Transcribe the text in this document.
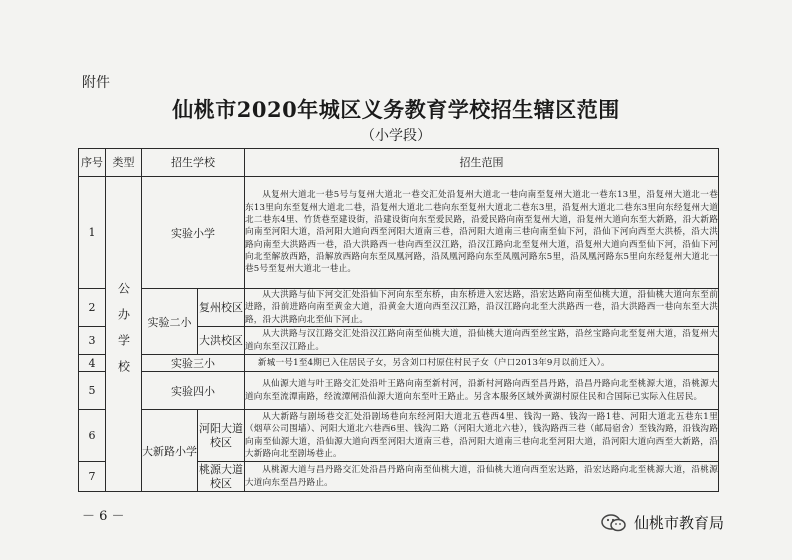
附件
仙桃市2020年城区义务教育学校招生辖区范围
（小学段）
序号	类型	招生学校		招生范围
1	公办学校	实验小学		从复州大道北一巷5号与复州大道北一巷交汇处沿复州大道北一巷向南至复州大道北一巷东13里，沿复州大道北一巷东13里向东至复州大道北二巷，沿复州大道北二巷向东至复州大道北二巷东3里，沿复州大道北二巷东3里向东经复州大道北二巷东4里、竹货巷至建设街，沿建设街向东至爱民路，沿爱民路向南至复州大道，沿复州大道向东至大新路，沿大新路向南至河阳大道，沿河阳大道向西至河阳大道南三巷，沿河阳大道南三巷向南至仙下河，沿仙下河向西至大洪桥，沿大洪路向南至大洪路西一巷，沿大洪路西一巷向西至汉江路，沿汉江路向北至复州大道，沿复州大道向西至仙下河，沿仙下河向北至解放西路，沿解放西路向东至凤凰河路，沿凤凰河路向东至凤凰河路东5里，沿凤凰河路东5里向东经复州大道北一巷5号至复州大道北一巷止。
2		实验二小	复州校区	从大洪路与仙下河交汇处沿仙下河向东至东桥，由东桥进入宏达路，沿宏达路向南至仙桃大道，沿仙桃大道向东至前进路，沿前进路向南至黄金大道，沿黄金大道向西至汉江路，沿汉江路向北至大洪路西一巷，沿大洪路西一巷向东至大洪路，沿大洪路向北至仙下河止。
3			大洪校区	从大洪路与汉江路交汇处沿汉江路向南至仙桃大道，沿仙桃大道向西至丝宝路，沿丝宝路向北至复州大道，沿复州大道向东至汉江路止。
4		实验三小		新城一号1至4期已入住居民子女，另含刘口村原住村民子女（户口2013年9月以前迁入）。
5		实验四小		从仙源大道与叶王路交汇处沿叶王路向南至新村河，沿新村河路向西至昌丹路，沿昌丹路向北至桃源大道，沿桃源大道向东至流潭南路，经流潭闸沿仙源大道向东至叶王路止。另含本服务区域外黄湖村原住民和合国际已实际入住居民。
6		大新路小学	河阳大道校区	从大新路与剧场巷交汇处沿剧场巷向东经河阳大道北五巷西4里、钱沟一路、钱沟一路1巷、河阳大道北五巷东1里（烟草公司围墙）、河阳大道北六巷西6里、钱沟二路（河阳大道北六巷），钱沟路西三巷（邮局宿舍）至钱沟路，沿钱沟路向南至仙源大道，沿仙源大道向西至河阳大道南三巷，沿河阳大道南三巷向北至河阳大道，沿河阳大道向西至大新路，沿大新路向北至剧场巷止。
7			桃源大道校区	从桃源大道与昌丹路交汇处沿昌丹路向南至仙桃大道，沿仙桃大道向西至宏达路，沿宏达路向北至桃源大道，沿桃源大道向东至昌丹路止。
－ 6 －	仙桃市教育局
